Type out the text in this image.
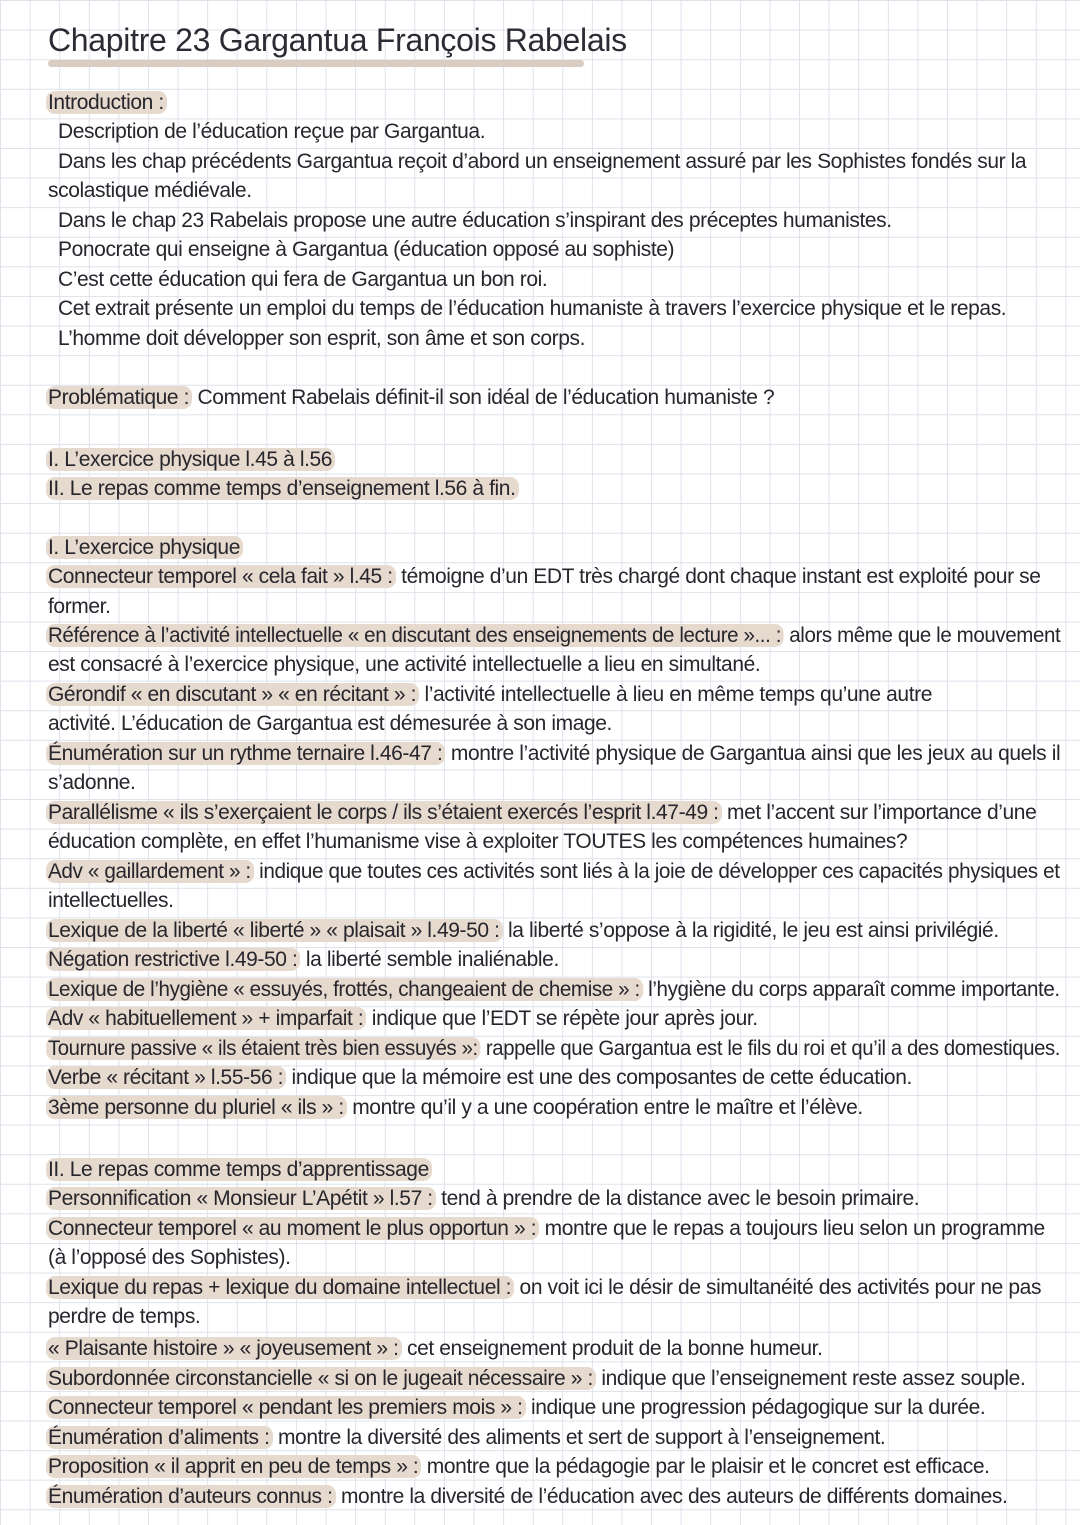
Chapitre 23 Gargantua François Rabelais
Introduction :
Description de l’éducation reçue par Gargantua.
Dans les chap précédents Gargantua reçoit d’abord un enseignement assuré par les Sophistes fondés sur la
scolastique médiévale.
Dans le chap 23 Rabelais propose une autre éducation s’inspirant des préceptes humanistes.
Ponocrate qui enseigne à Gargantua (éducation opposé au sophiste)
C’est cette éducation qui fera de Gargantua un bon roi.
Cet extrait présente un emploi du temps de l’éducation humaniste à travers l’exercice physique et le repas.
L’homme doit développer son esprit, son âme et son corps.
Problématique : Comment Rabelais définit-il son idéal de l’éducation humaniste ?
I. L’exercice physique l.45 à l.56
II. Le repas comme temps d’enseignement l.56 à fin.
I. L’exercice physique
Connecteur temporel « cela fait » l.45 : témoigne d’un EDT très chargé dont chaque instant est exploité pour se
former.
Référence à l’activité intellectuelle « en discutant des enseignements de lecture »... : alors même que le mouvement
est consacré à l’exercice physique, une activité intellectuelle a lieu en simultané.
Gérondif « en discutant » « en récitant » : l’activité intellectuelle à lieu en même temps qu’une autre
activité. L’éducation de Gargantua est démesurée à son image.
Énumération sur un rythme ternaire l.46-47 : montre l’activité physique de Gargantua ainsi que les jeux au quels il
s’adonne.
Parallélisme « ils s’exerçaient le corps / ils s’étaient exercés l’esprit l.47-49 : met l’accent sur l’importance d’une
éducation complète, en effet l’humanisme vise à exploiter TOUTES les compétences humaines?
Adv « gaillardement » : indique que toutes ces activités sont liés à la joie de développer ces capacités physiques et
intellectuelles.
Lexique de la liberté « liberté » « plaisait » l.49-50 : la liberté s’oppose à la rigidité, le jeu est ainsi privilégié.
Négation restrictive l.49-50 : la liberté semble inaliénable.
Lexique de l’hygiène « essuyés, frottés, changeaient de chemise » : l’hygiène du corps apparaît comme importante.
Adv « habituellement » + imparfait : indique que l’EDT se répète jour après jour.
Tournure passive « ils étaient très bien essuyés »: rappelle que Gargantua est le fils du roi et qu’il a des domestiques.
Verbe « récitant » l.55-56 : indique que la mémoire est une des composantes de cette éducation.
3ème personne du pluriel « ils » : montre qu’il y a une coopération entre le maître et l’élève.
II. Le repas comme temps d’apprentissage
Personnification « Monsieur L’Apétit » l.57 : tend à prendre de la distance avec le besoin primaire.
Connecteur temporel « au moment le plus opportun » : montre que le repas a toujours lieu selon un programme
(à l’opposé des Sophistes).
Lexique du repas + lexique du domaine intellectuel : on voit ici le désir de simultanéité des activités pour ne pas
perdre de temps.
« Plaisante histoire » « joyeusement » : cet enseignement produit de la bonne humeur.
Subordonnée circonstancielle « si on le jugeait nécessaire » : indique que l’enseignement reste assez souple.
Connecteur temporel « pendant les premiers mois » : indique une progression pédagogique sur la durée.
Énumération d’aliments : montre la diversité des aliments et sert de support à l’enseignement.
Proposition « il apprit en peu de temps » : montre que la pédagogie par le plaisir et le concret est efficace.
Énumération d’auteurs connus : montre la diversité de l’éducation avec des auteurs de différents domaines.
